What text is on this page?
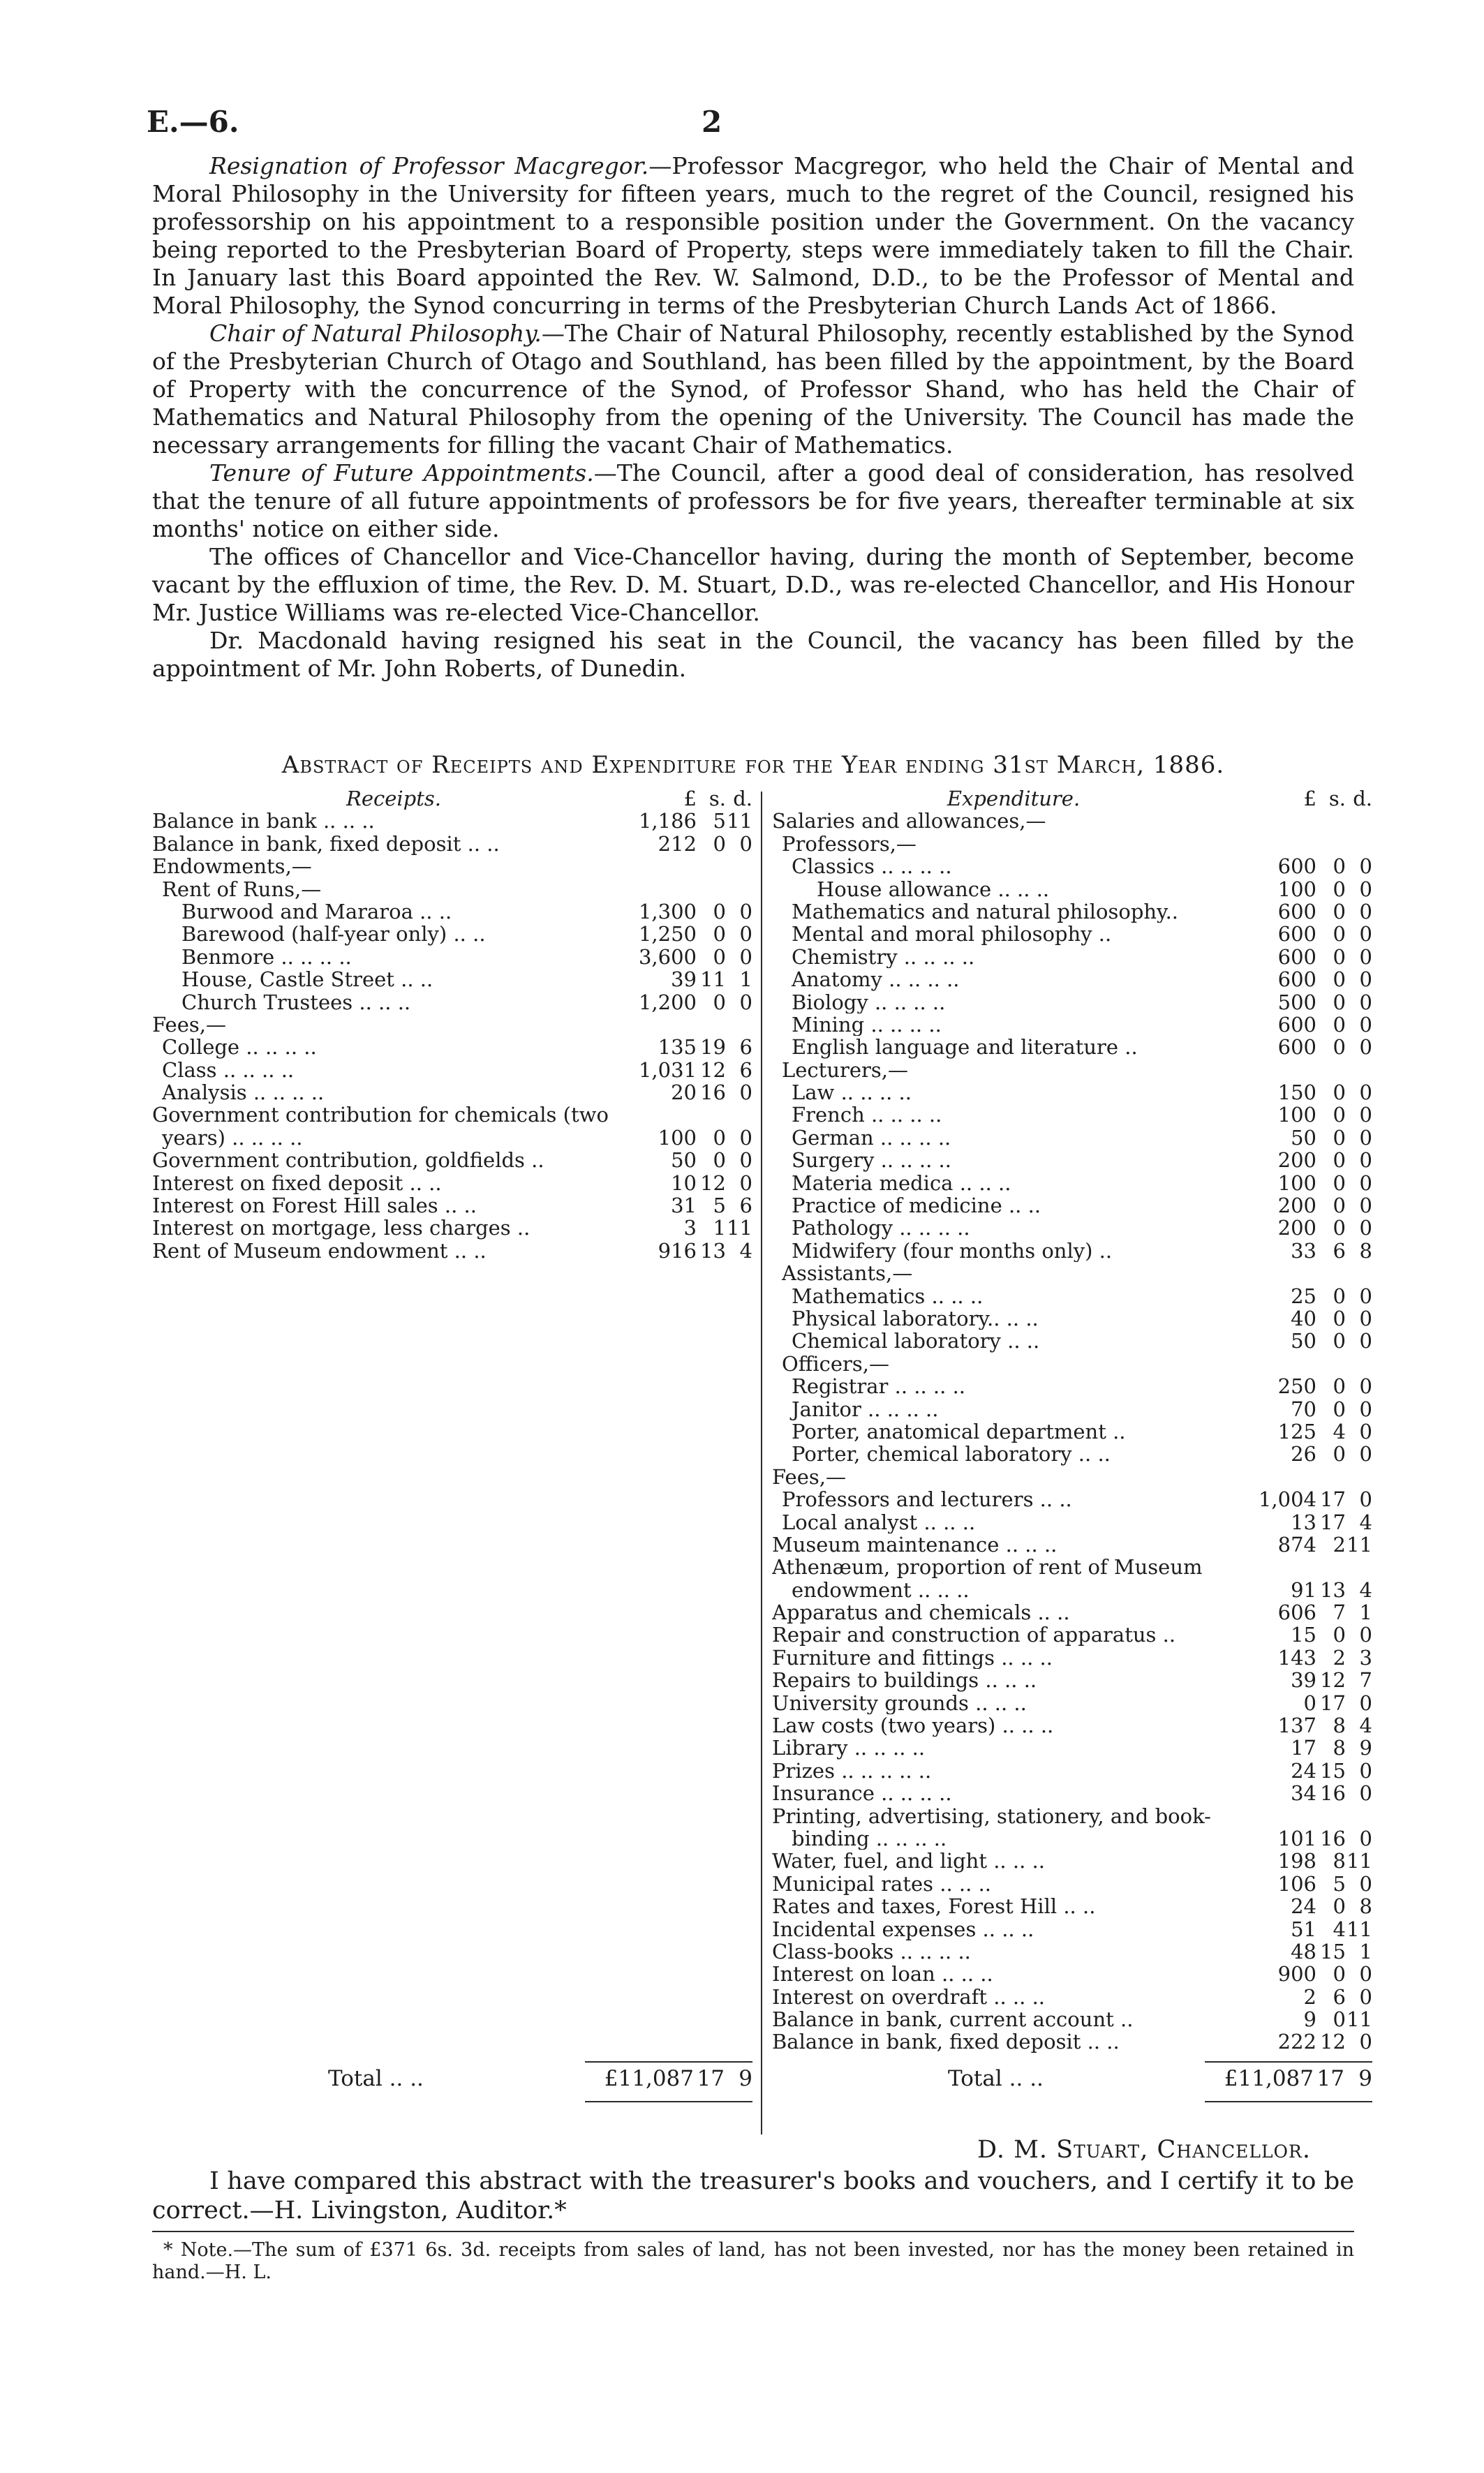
E.—6.	2

Resignation of Professor Macgregor.—Professor Macgregor, who held the Chair of Mental and Moral Philosophy in the University for fifteen years, much to the regret of the Council, resigned his professorship on his appointment to a responsible position under the Government. On the vacancy being reported to the Presbyterian Board of Property, steps were immediately taken to fill the Chair. In January last this Board appointed the Rev. W. Salmond, D.D., to be the Professor of Mental and Moral Philosophy, the Synod concurring in terms of the Presbyterian Church Lands Act of 1866.

Chair of Natural Philosophy.—The Chair of Natural Philosophy, recently established by the Synod of the Presbyterian Church of Otago and Southland, has been filled by the appointment, by the Board of Property with the concurrence of the Synod, of Professor Shand, who has held the Chair of Mathematics and Natural Philosophy from the opening of the University. The Council has made the necessary arrangements for filling the vacant Chair of Mathematics.

Tenure of Future Appointments.—The Council, after a good deal of consideration, has resolved that the tenure of all future appointments of professors be for five years, thereafter terminable at six months' notice on either side.

The offices of Chancellor and Vice-Chancellor having, during the month of September, become vacant by the effluxion of time, the Rev. D. M. Stuart, D.D., was re-elected Chancellor, and His Honour Mr. Justice Williams was re-elected Vice-Chancellor.

Dr. Macdonald having resigned his seat in the Council, the vacancy has been filled by the appointment of Mr. John Roberts, of Dunedin.

Abstract of Receipts and Expenditure for the Year ending 31st March, 1886.
Receipts.	£ s. d.
Balance in bank .. .. ..	1,186 5 11
Balance in bank, fixed deposit .. ..	212 0 0
Endowments,—
Rent of Runs,—
Burwood and Mararoa .. ..	1,300 0 0
Barewood (half-year only) .. ..	1,250 0 0
Benmore .. .. .. ..	3,600 0 0
House, Castle Street .. ..	39 11 1
Church Trustees .. .. ..	1,200 0 0
Fees,—
College .. .. .. ..	135 19 6
Class .. .. .. ..	1,031 12 6
Analysis .. .. .. ..	20 16 0
Government contribution for chemicals (two
years) .. .. .. ..	100 0 0
Government contribution, goldfields ..	50 0 0
Interest on fixed deposit .. ..	10 12 0
Interest on Forest Hill sales .. ..	31 5 6
Interest on mortgage, less charges ..	3 1 11
Rent of Museum endowment .. ..	916 13 4
Expenditure.	£ s. d.
Salaries and allowances,—
Professors,—
Classics .. .. .. ..	600 0 0
House allowance .. .. ..	100 0 0
Mathematics and natural philosophy..	600 0 0
Mental and moral philosophy ..	600 0 0
Chemistry .. .. .. ..	600 0 0
Anatomy .. .. .. ..	600 0 0
Biology .. .. .. ..	500 0 0
Mining .. .. .. ..	600 0 0
English language and literature ..	600 0 0
Lecturers,—
Law .. .. .. ..	150 0 0
French .. .. .. ..	100 0 0
German .. .. .. ..	50 0 0
Surgery .. .. .. ..	200 0 0
Materia medica .. .. ..	100 0 0
Practice of medicine .. ..	200 0 0
Pathology .. .. .. ..	200 0 0
Midwifery (four months only) ..	33 6 8
Assistants,—
Mathematics .. .. ..	25 0 0
Physical laboratory.. .. ..	40 0 0
Chemical laboratory .. ..	50 0 0
Officers,—
Registrar .. .. .. ..	250 0 0
Janitor .. .. .. ..	70 0 0
Porter, anatomical department ..	125 4 0
Porter, chemical laboratory .. ..	26 0 0
Fees,—
Professors and lecturers .. ..	1,004 17 0
Local analyst .. .. ..	13 17 4
Museum maintenance .. .. ..	874 2 11
Athenæum, proportion of rent of Museum
endowment .. .. ..	91 13 4
Apparatus and chemicals .. ..	606 7 1
Repair and construction of apparatus ..	15 0 0
Furniture and fittings .. .. ..	143 2 3
Repairs to buildings .. .. ..	39 12 7
University grounds .. .. ..	0 17 0
Law costs (two years) .. .. ..	137 8 4
Library .. .. .. ..	17 8 9
Prizes .. .. .. .. ..	24 15 0
Insurance .. .. .. ..	34 16 0
Printing, advertising, stationery, and book-
binding .. .. .. ..	101 16 0
Water, fuel, and light .. .. ..	198 8 11
Municipal rates .. .. ..	106 5 0
Rates and taxes, Forest Hill .. ..	24 0 8
Incidental expenses .. .. ..	51 4 11
Class-books .. .. .. ..	48 15 1
Interest on loan .. .. ..	900 0 0
Interest on overdraft .. .. ..	2 6 0
Balance in bank, current account ..	9 0 11
Balance in bank, fixed deposit .. ..	222 12 0
Total .. ..	£11,087 17 9	Total .. ..	£11,087 17 9
D. M. Stuart, Chancellor.
I have compared this abstract with the treasurer's books and vouchers, and I certify it to be correct.—H. Livingston, Auditor.*
* Note.—The sum of £371 6s. 3d. receipts from sales of land, has not been invested, nor has the money been retained in hand.—H. L.
